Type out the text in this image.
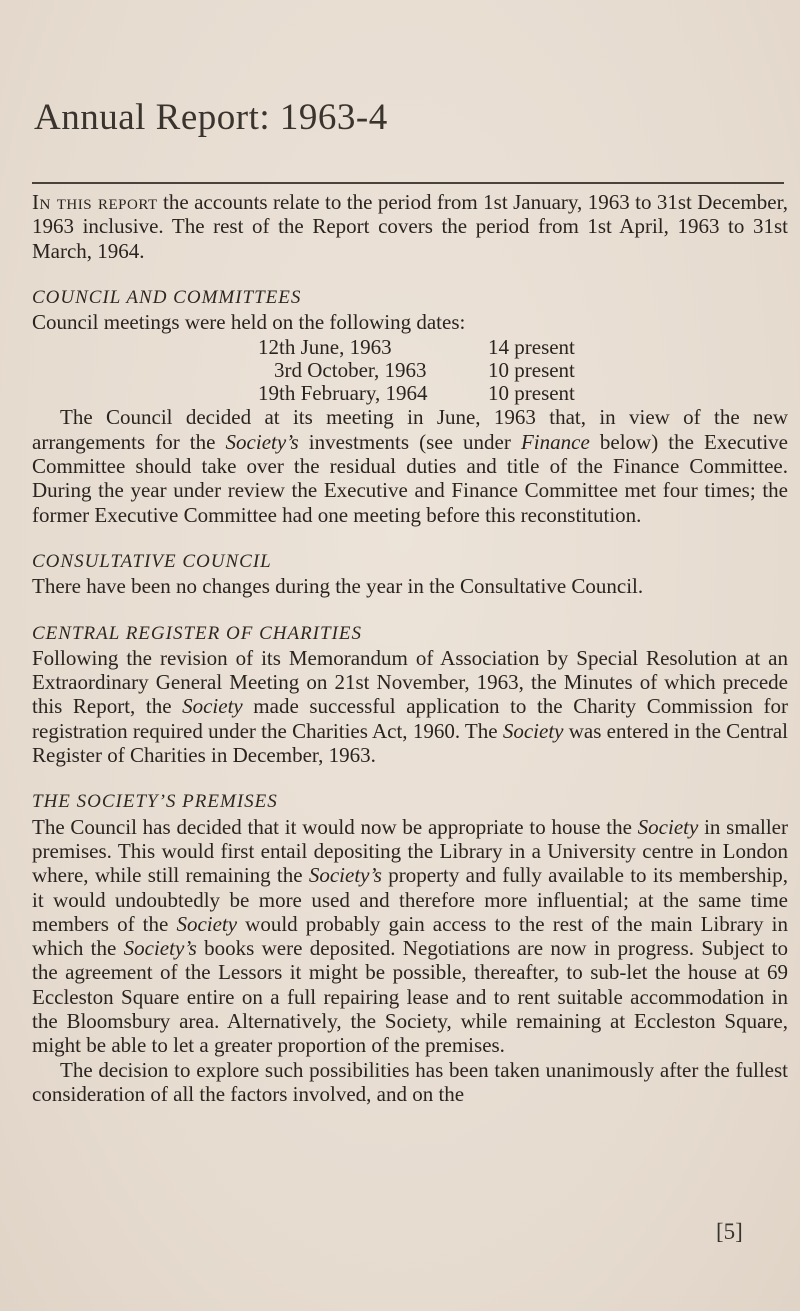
Annual Report: 1963-4

In this report the accounts relate to the period from 1st January, 1963 to 31st December, 1963 inclusive. The rest of the Report covers the period from 1st April, 1963 to 31st March, 1964.

COUNCIL AND COMMITTEES

Council meetings were held on the following dates:

12th June, 1963	14 present
3rd October, 1963	10 present
19th February, 1964	10 present

The Council decided at its meeting in June, 1963 that, in view of the new arrangements for the Society’s investments (see under Finance below) the Executive Committee should take over the residual duties and title of the Finance Committee. During the year under review the Executive and Finance Committee met four times; the former Executive Committee had one meeting before this reconstitution.

CONSULTATIVE COUNCIL

There have been no changes during the year in the Consultative Council.

CENTRAL REGISTER OF CHARITIES

Following the revision of its Memorandum of Association by Special Resolution at an Extraordinary General Meeting on 21st November, 1963, the Minutes of which precede this Report, the Society made successful application to the Charity Commission for registration required under the Charities Act, 1960. The Society was entered in the Central Register of Charities in December, 1963.

THE SOCIETY’S PREMISES

The Council has decided that it would now be appropriate to house the Society in smaller premises. This would first entail depositing the Library in a University centre in London where, while still remaining the Society’s property and fully available to its membership, it would undoubtedly be more used and therefore more influential; at the same time members of the Society would probably gain access to the rest of the main Library in which the Society’s books were deposited. Negotiations are now in progress. Subject to the agreement of the Lessors it might be possible, thereafter, to sub-let the house at 69 Eccleston Square entire on a full repairing lease and to rent suitable accommodation in the Bloomsbury area. Alternatively, the Society, while remaining at Eccleston Square, might be able to let a greater proportion of the premises.

The decision to explore such possibilities has been taken unanimously after the fullest consideration of all the factors involved, and on the

[5]
